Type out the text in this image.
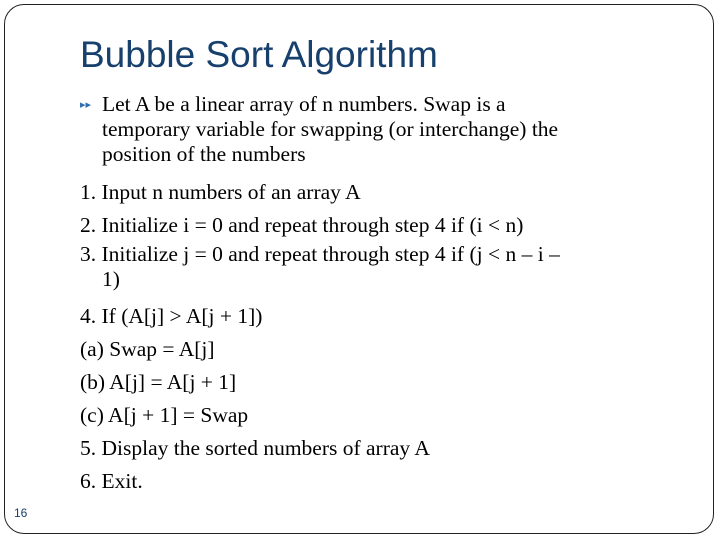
Bubble Sort Algorithm
▸▸ Let A be a linear array of n numbers. Swap is a
temporary variable for swapping (or interchange) the
position of the numbers
1. Input n numbers of an array A
2. Initialize i = 0 and repeat through step 4 if (i < n)
3. Initialize j = 0 and repeat through step 4 if (j < n – i –
1)
4. If (A[j] > A[j + 1])
(a) Swap = A[j]
(b) A[j] = A[j + 1]
(c) A[j + 1] = Swap
5. Display the sorted numbers of array A
6. Exit.
16
